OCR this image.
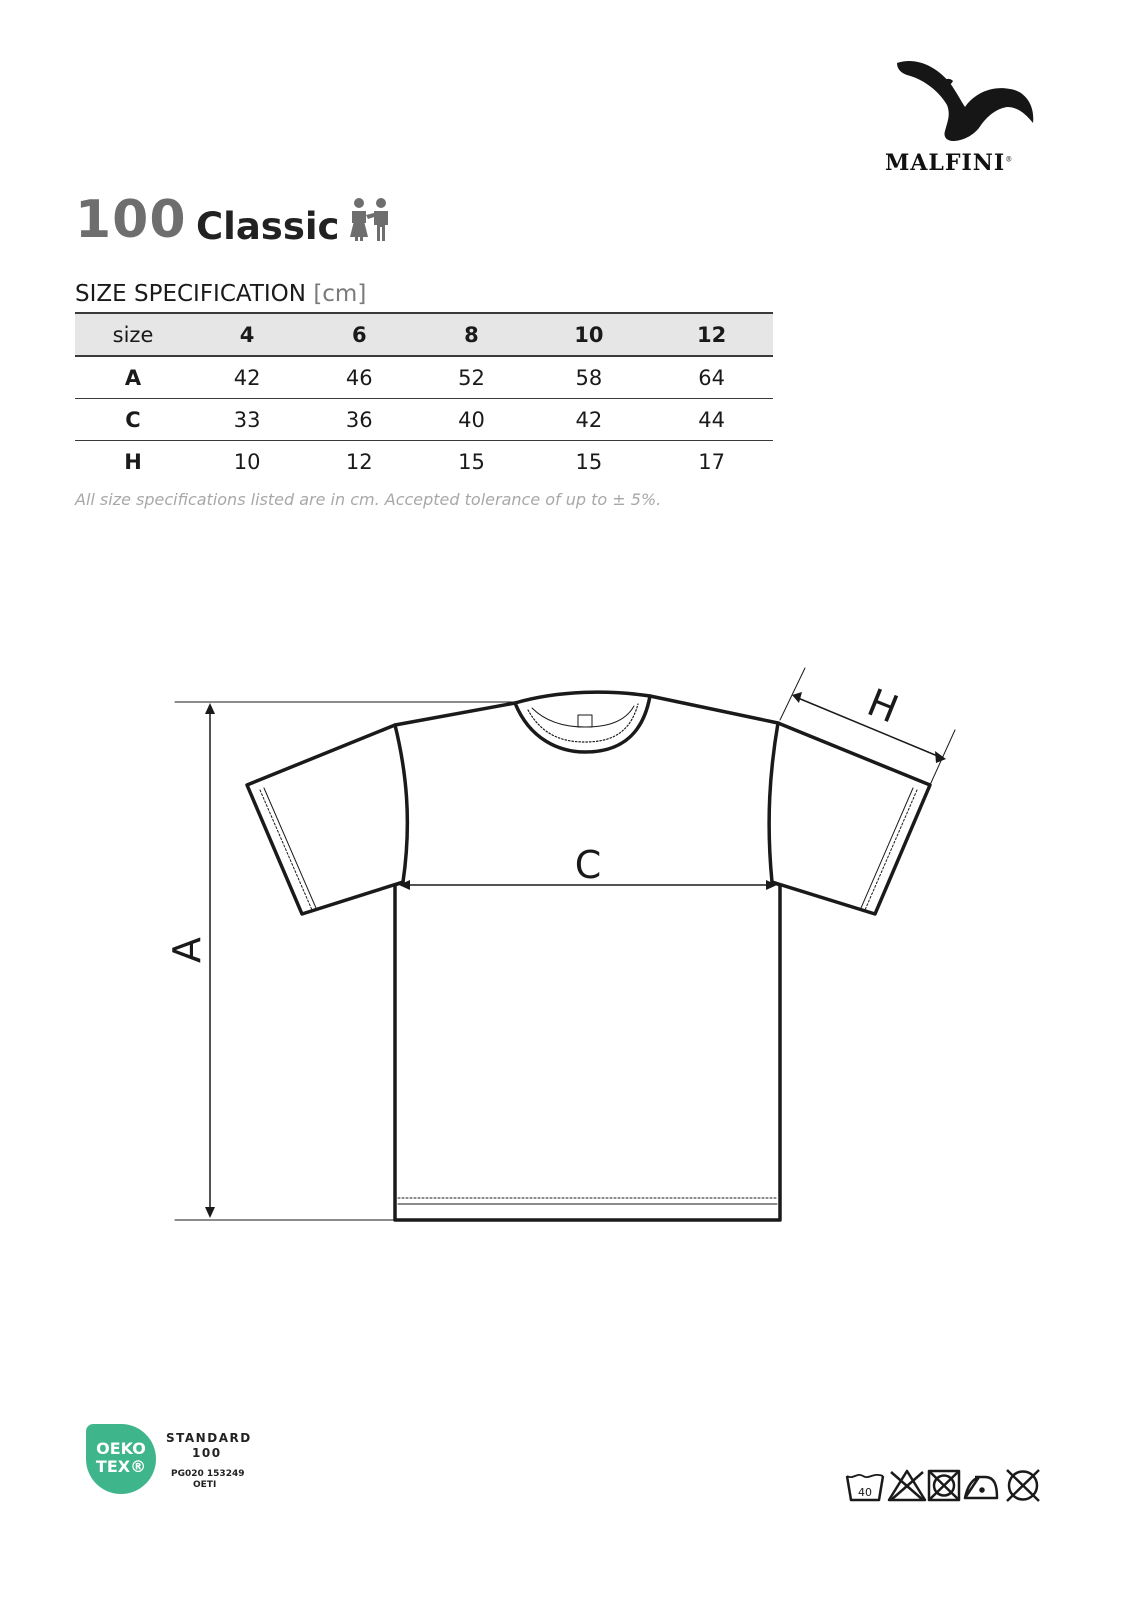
MALFINI®
100 Classic
SIZE SPECIFICATION [cm]
size	4	6	8	10	12
A	42	46	52	58	64
C	33	36	40	42	44
H	10	12	15	15	17
All size specifications listed are in cm. Accepted tolerance of up to ± 5%.
A
C
H
OEKO
TEX®
STANDARD
100
PG020 153249
OETI
40
